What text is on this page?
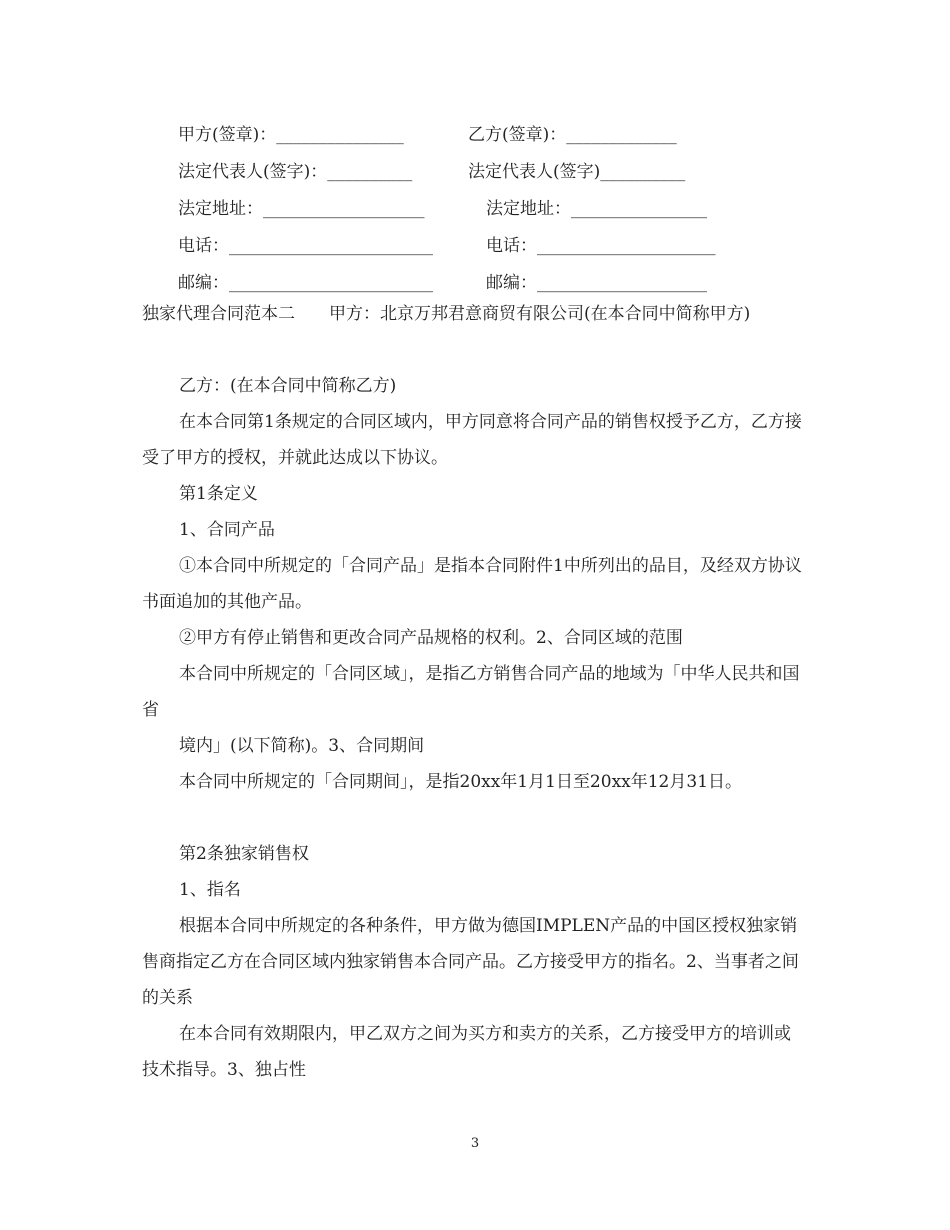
甲方(签章)：_______________	乙方(签章)：_____________
法定代表人(签字)：__________	法定代表人(签字)__________
法定地址：___________________	法定地址：________________
电话：________________________	电话：_____________________
邮编：________________________	邮编：____________________

独家代理合同范本二　　甲方：北京万邦君意商贸有限公司(在本合同中简称甲方)

乙方：(在本合同中简称乙方)

在本合同第1条规定的合同区域内，甲方同意将合同产品的销售权授予乙方，乙方接受了甲方的授权，并就此达成以下协议。

第1条定义

1、合同产品

①本合同中所规定的「合同产品」是指本合同附件1中所列出的品目，及经双方协议书面追加的其他产品。

②甲方有停止销售和更改合同产品规格的权利。2、合同区域的范围

本合同中所规定的「合同区域」，是指乙方销售合同产品的地域为「中华人民共和国省

境内」(以下简称)。3、合同期间

本合同中所规定的「合同期间」，是指20xx年1月1日至20xx年12月31日。

第2条独家销售权

1、指名

根据本合同中所规定的各种条件，甲方做为德国IMPLEN产品的中国区授权独家销售商指定乙方在合同区域内独家销售本合同产品。乙方接受甲方的指名。2、当事者之间的关系

在本合同有效期限内，甲乙双方之间为买方和卖方的关系，乙方接受甲方的培训或技术指导。3、独占性

3
